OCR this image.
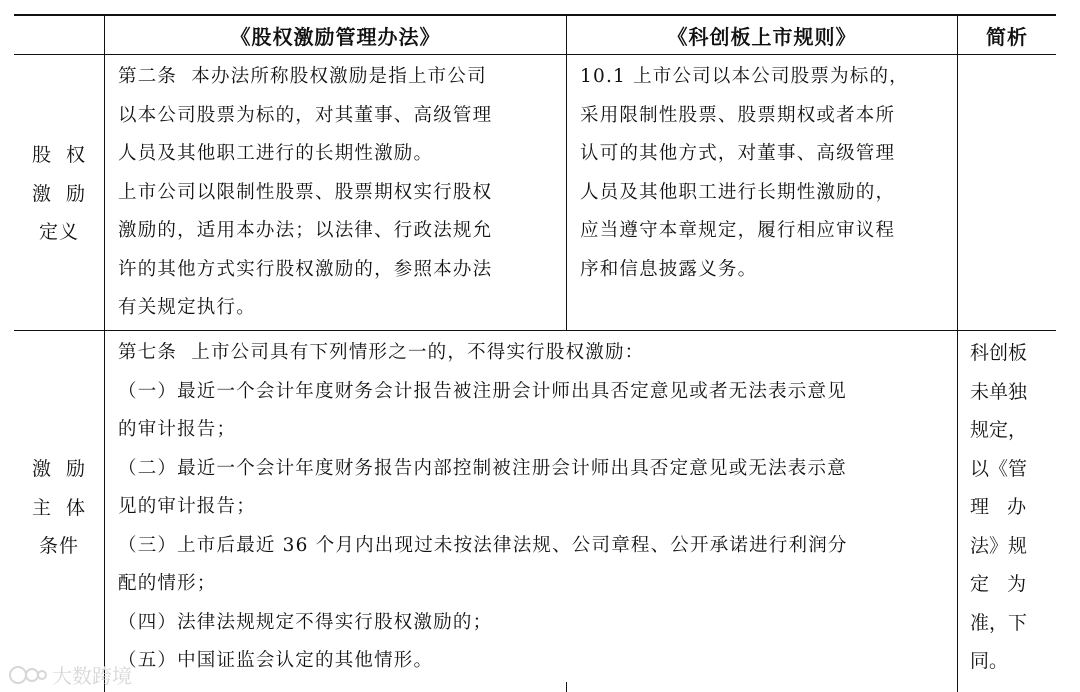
《股权激励管理办法》	《科创板上市规则》	简析
股  权
激  励
定义
第二条  本办法所称股权激励是指上市公司
以本公司股票为标的，对其董事、高级管理
人员及其他职工进行的长期性激励。
上市公司以限制性股票、股票期权实行股权
激励的，适用本办法；以法律、行政法规允
许的其他方式实行股权激励的，参照本办法
有关规定执行。
10.1 上市公司以本公司股票为标的，
采用限制性股票、股票期权或者本所
认可的其他方式，对董事、高级管理
人员及其他职工进行长期性激励的，
应当遵守本章规定，履行相应审议程
序和信息披露义务。
激  励
主  体
条件
第七条  上市公司具有下列情形之一的，不得实行股权激励：
（一）最近一个会计年度财务会计报告被注册会计师出具否定意见或者无法表示意见
的审计报告；
（二）最近一个会计年度财务报告内部控制被注册会计师出具否定意见或无法表示意
见的审计报告；
（三）上市后最近 36 个月内出现过未按法律法规、公司章程、公开承诺进行利润分
配的情形；
（四）法律法规规定不得实行股权激励的；
（五）中国证监会认定的其他情形。
科创板
未单独
规定，
以《管
理   办
法》规
定   为
准，下
同。
大数跨境
